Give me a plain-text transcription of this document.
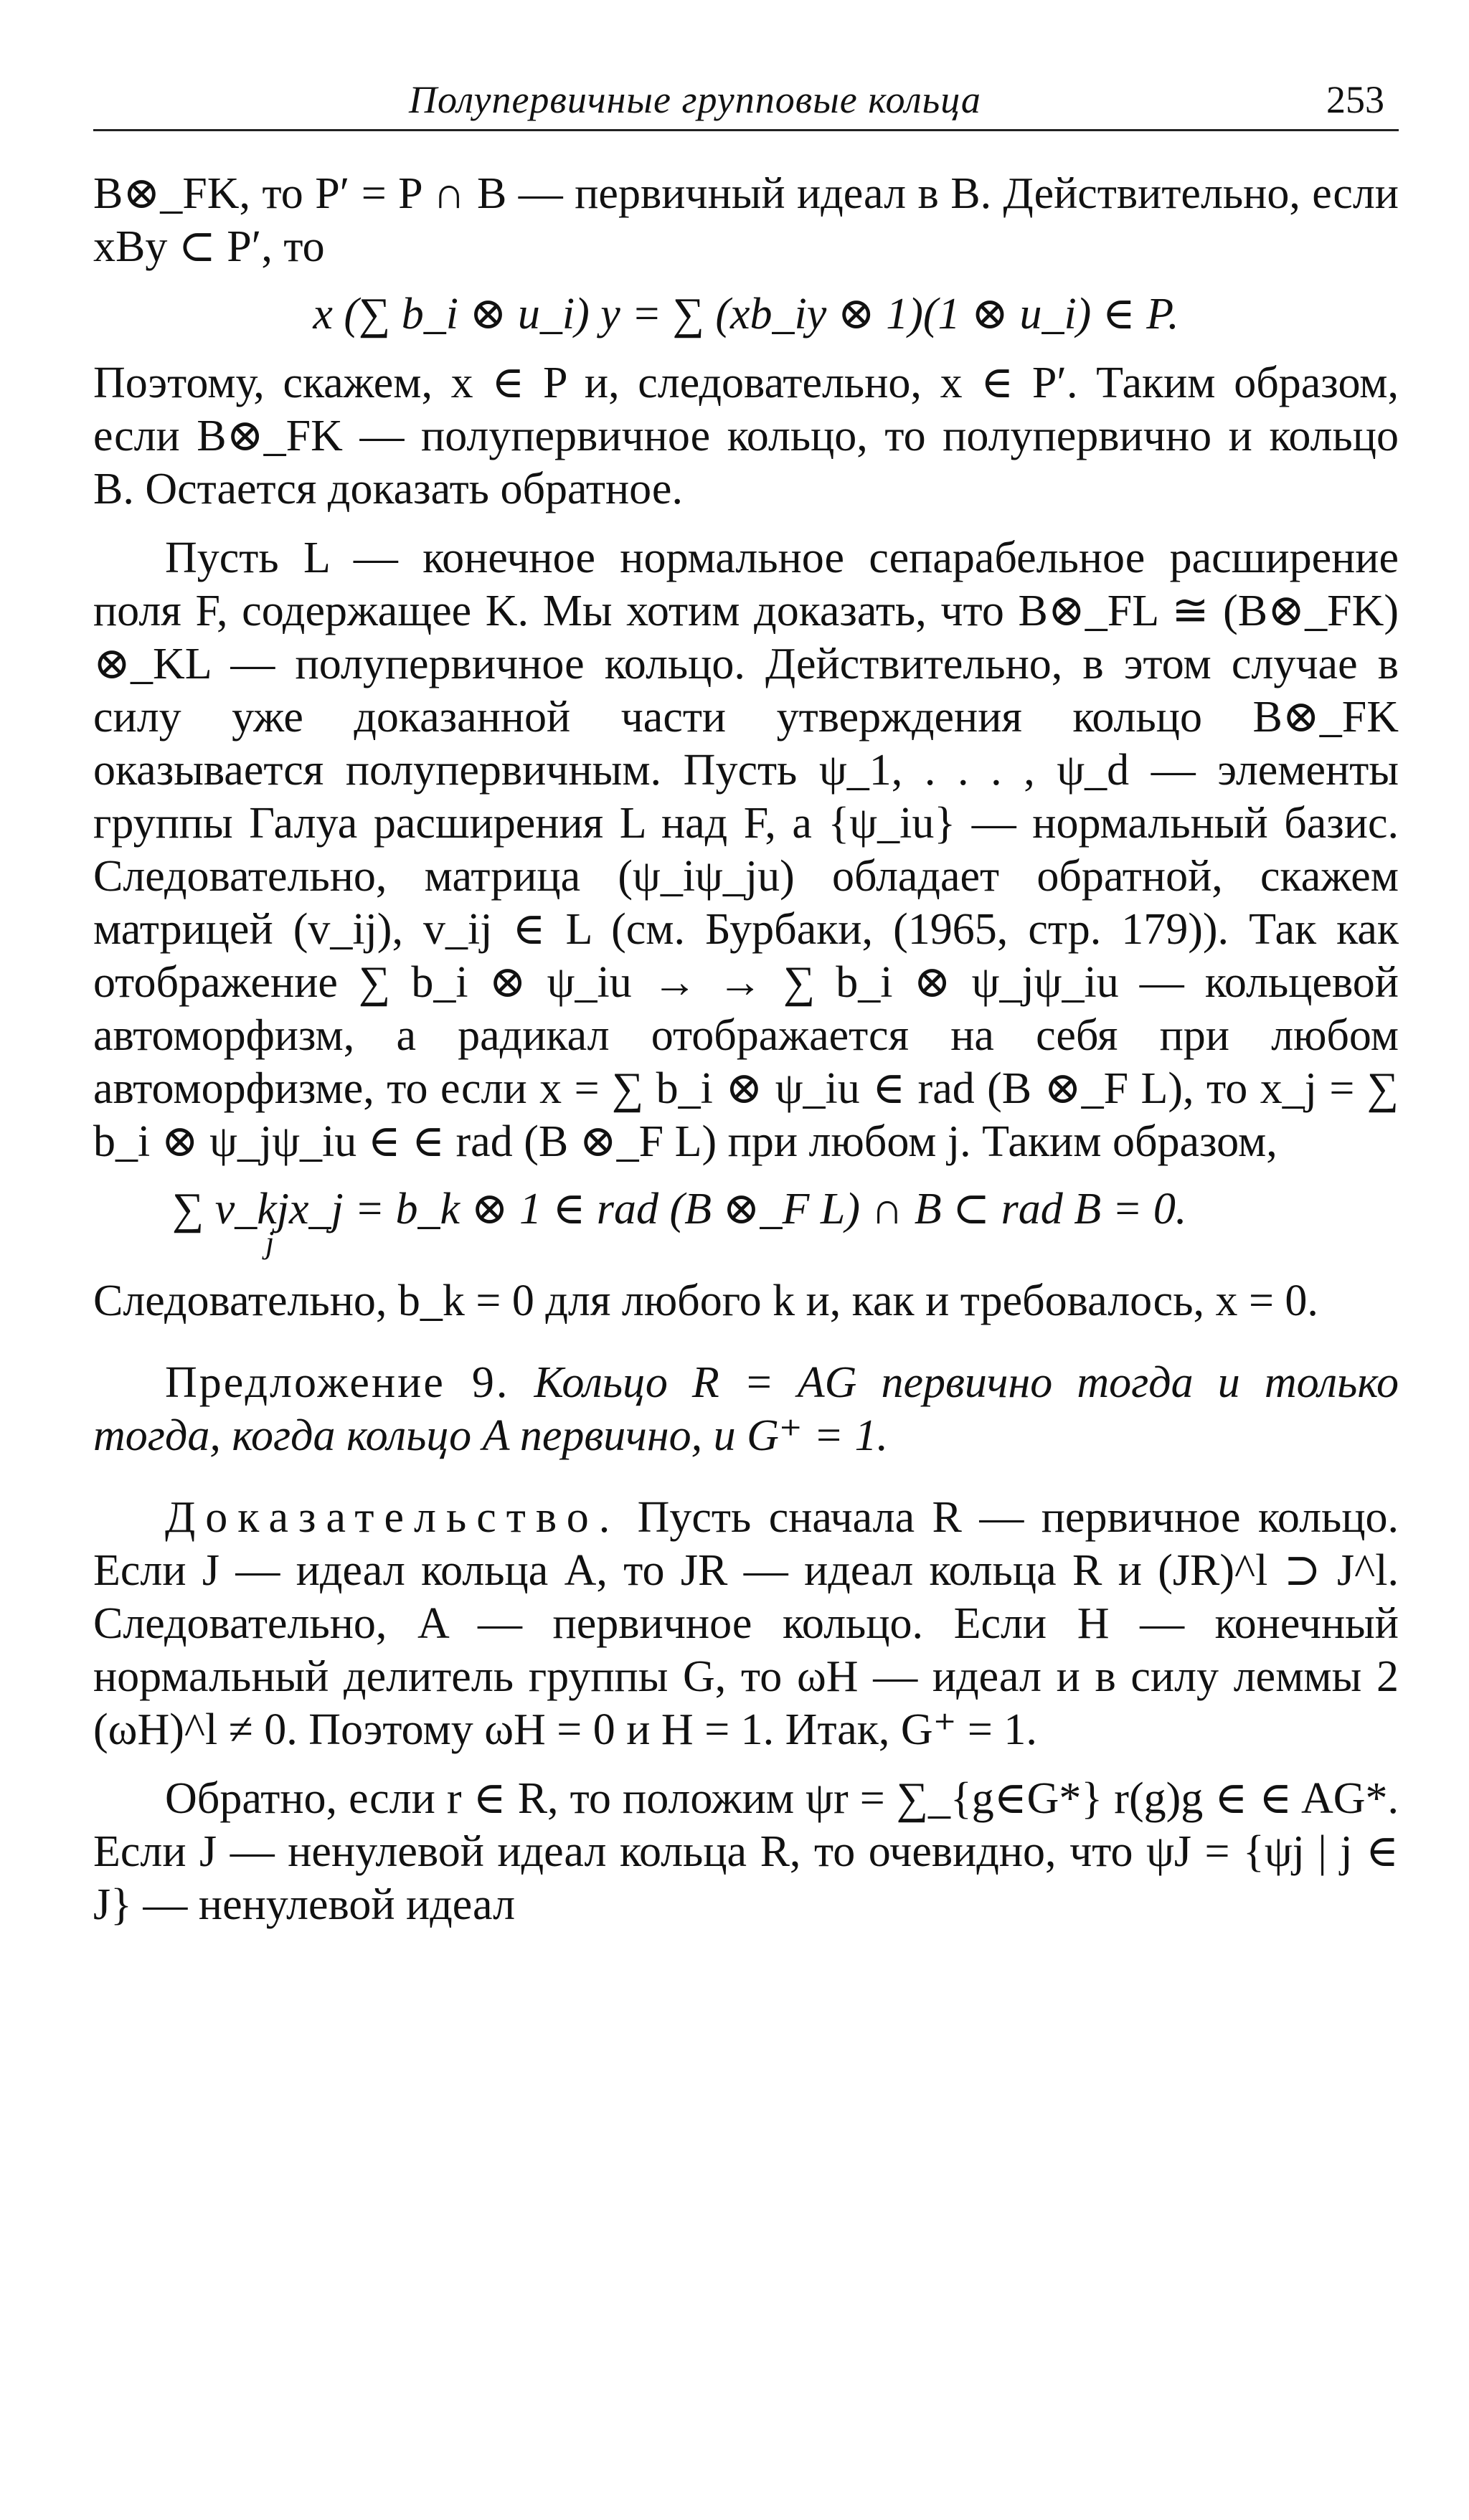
Полупервичные групповые кольца	253

B⊗_FK, то P′ = P ∩ B — первичный идеал в B. Действительно, если xBy ⊂ P′, то

x (∑ b_i ⊗ u_i) y = ∑ (xb_iy ⊗ 1)(1 ⊗ u_i) ∈ P.

Поэтому, скажем, x ∈ P и, следовательно, x ∈ P′. Таким образом, если B⊗_FK — полупервичное кольцо, то полупервично и кольцо B. Остается доказать обратное.

Пусть L — конечное нормальное сепарабельное расширение поля F, содержащее K. Мы хотим доказать, что B⊗_FL ≅ (B⊗_FK) ⊗_KL — полупервичное кольцо. Действительно, в этом случае в силу уже доказанной части утверждения кольцо B⊗_FK оказывается полупервичным. Пусть ψ_1, . . . , ψ_d — элементы группы Галуа расширения L над F, а {ψ_iu} — нормальный базис. Следовательно, матрица (ψ_iψ_ju) обладает обратной, скажем матрицей (v_ij), v_ij ∈ L (см. Бурбаки, (1965, стр. 179)). Так как отображение ∑ b_i ⊗ ψ_iu → → ∑ b_i ⊗ ψ_jψ_iu — кольцевой автоморфизм, а радикал отображается на себя при любом автоморфизме, то если x = ∑ b_i ⊗ ψ_iu ∈ rad (B ⊗_F L), то x_j = ∑ b_i ⊗ ψ_jψ_iu ∈ ∈ rad (B ⊗_F L) при любом j. Таким образом,

∑ v_kjx_j = b_k ⊗ 1 ∈ rad (B ⊗_F L) ∩ B ⊂ rad B = 0.
j

Следовательно, b_k = 0 для любого k и, как и требовалось, x = 0.

Предложение 9. Кольцо R = AG первично тогда и только тогда, когда кольцо A первично, и G⁺ = 1.

Доказательство. Пусть сначала R — первичное кольцо. Если J — идеал кольца A, то JR — идеал кольца R и (JR)^l ⊃ J^l. Следовательно, A — первичное кольцо. Если H — конечный нормальный делитель группы G, то ωH — идеал и в силу леммы 2 (ωH)^l ≠ 0. Поэтому ωH = 0 и H = 1. Итак, G⁺ = 1.

Обратно, если r ∈ R, то положим ψr = ∑_{g∈G*} r(g)g ∈ ∈ AG*. Если J — ненулевой идеал кольца R, то очевидно, что ψJ = {ψj | j ∈ J} — ненулевой идеал
